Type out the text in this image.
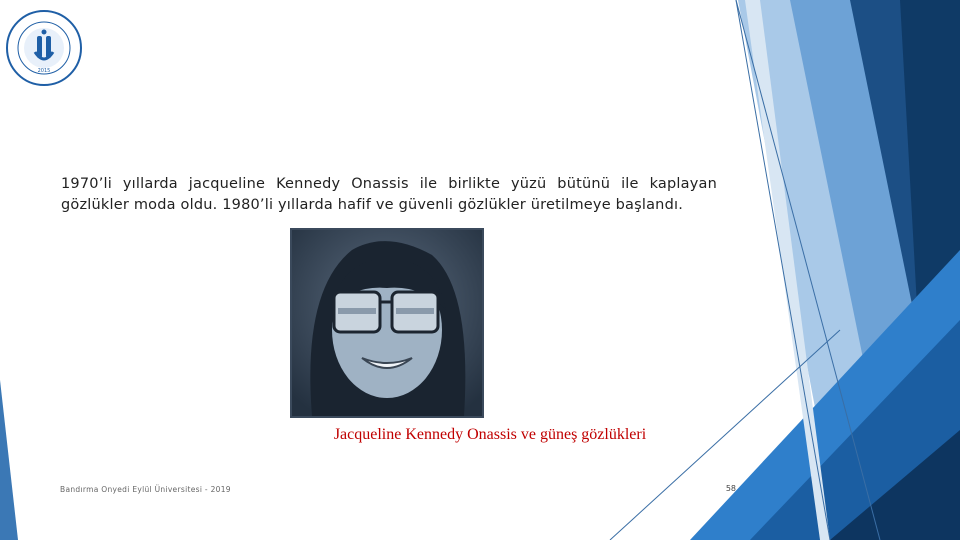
2015
1970’li yıllarda jacqueline Kennedy Onassis ile birlikte yüzü bütünü ile kaplayan gözlükler moda oldu. 1980’li yıllarda hafif ve güvenli gözlükler üretilmeye başlandı.
Jacqueline Kennedy Onassis ve güneş gözlükleri
Bandırma Onyedi Eylül Üniversitesi - 2019	58
